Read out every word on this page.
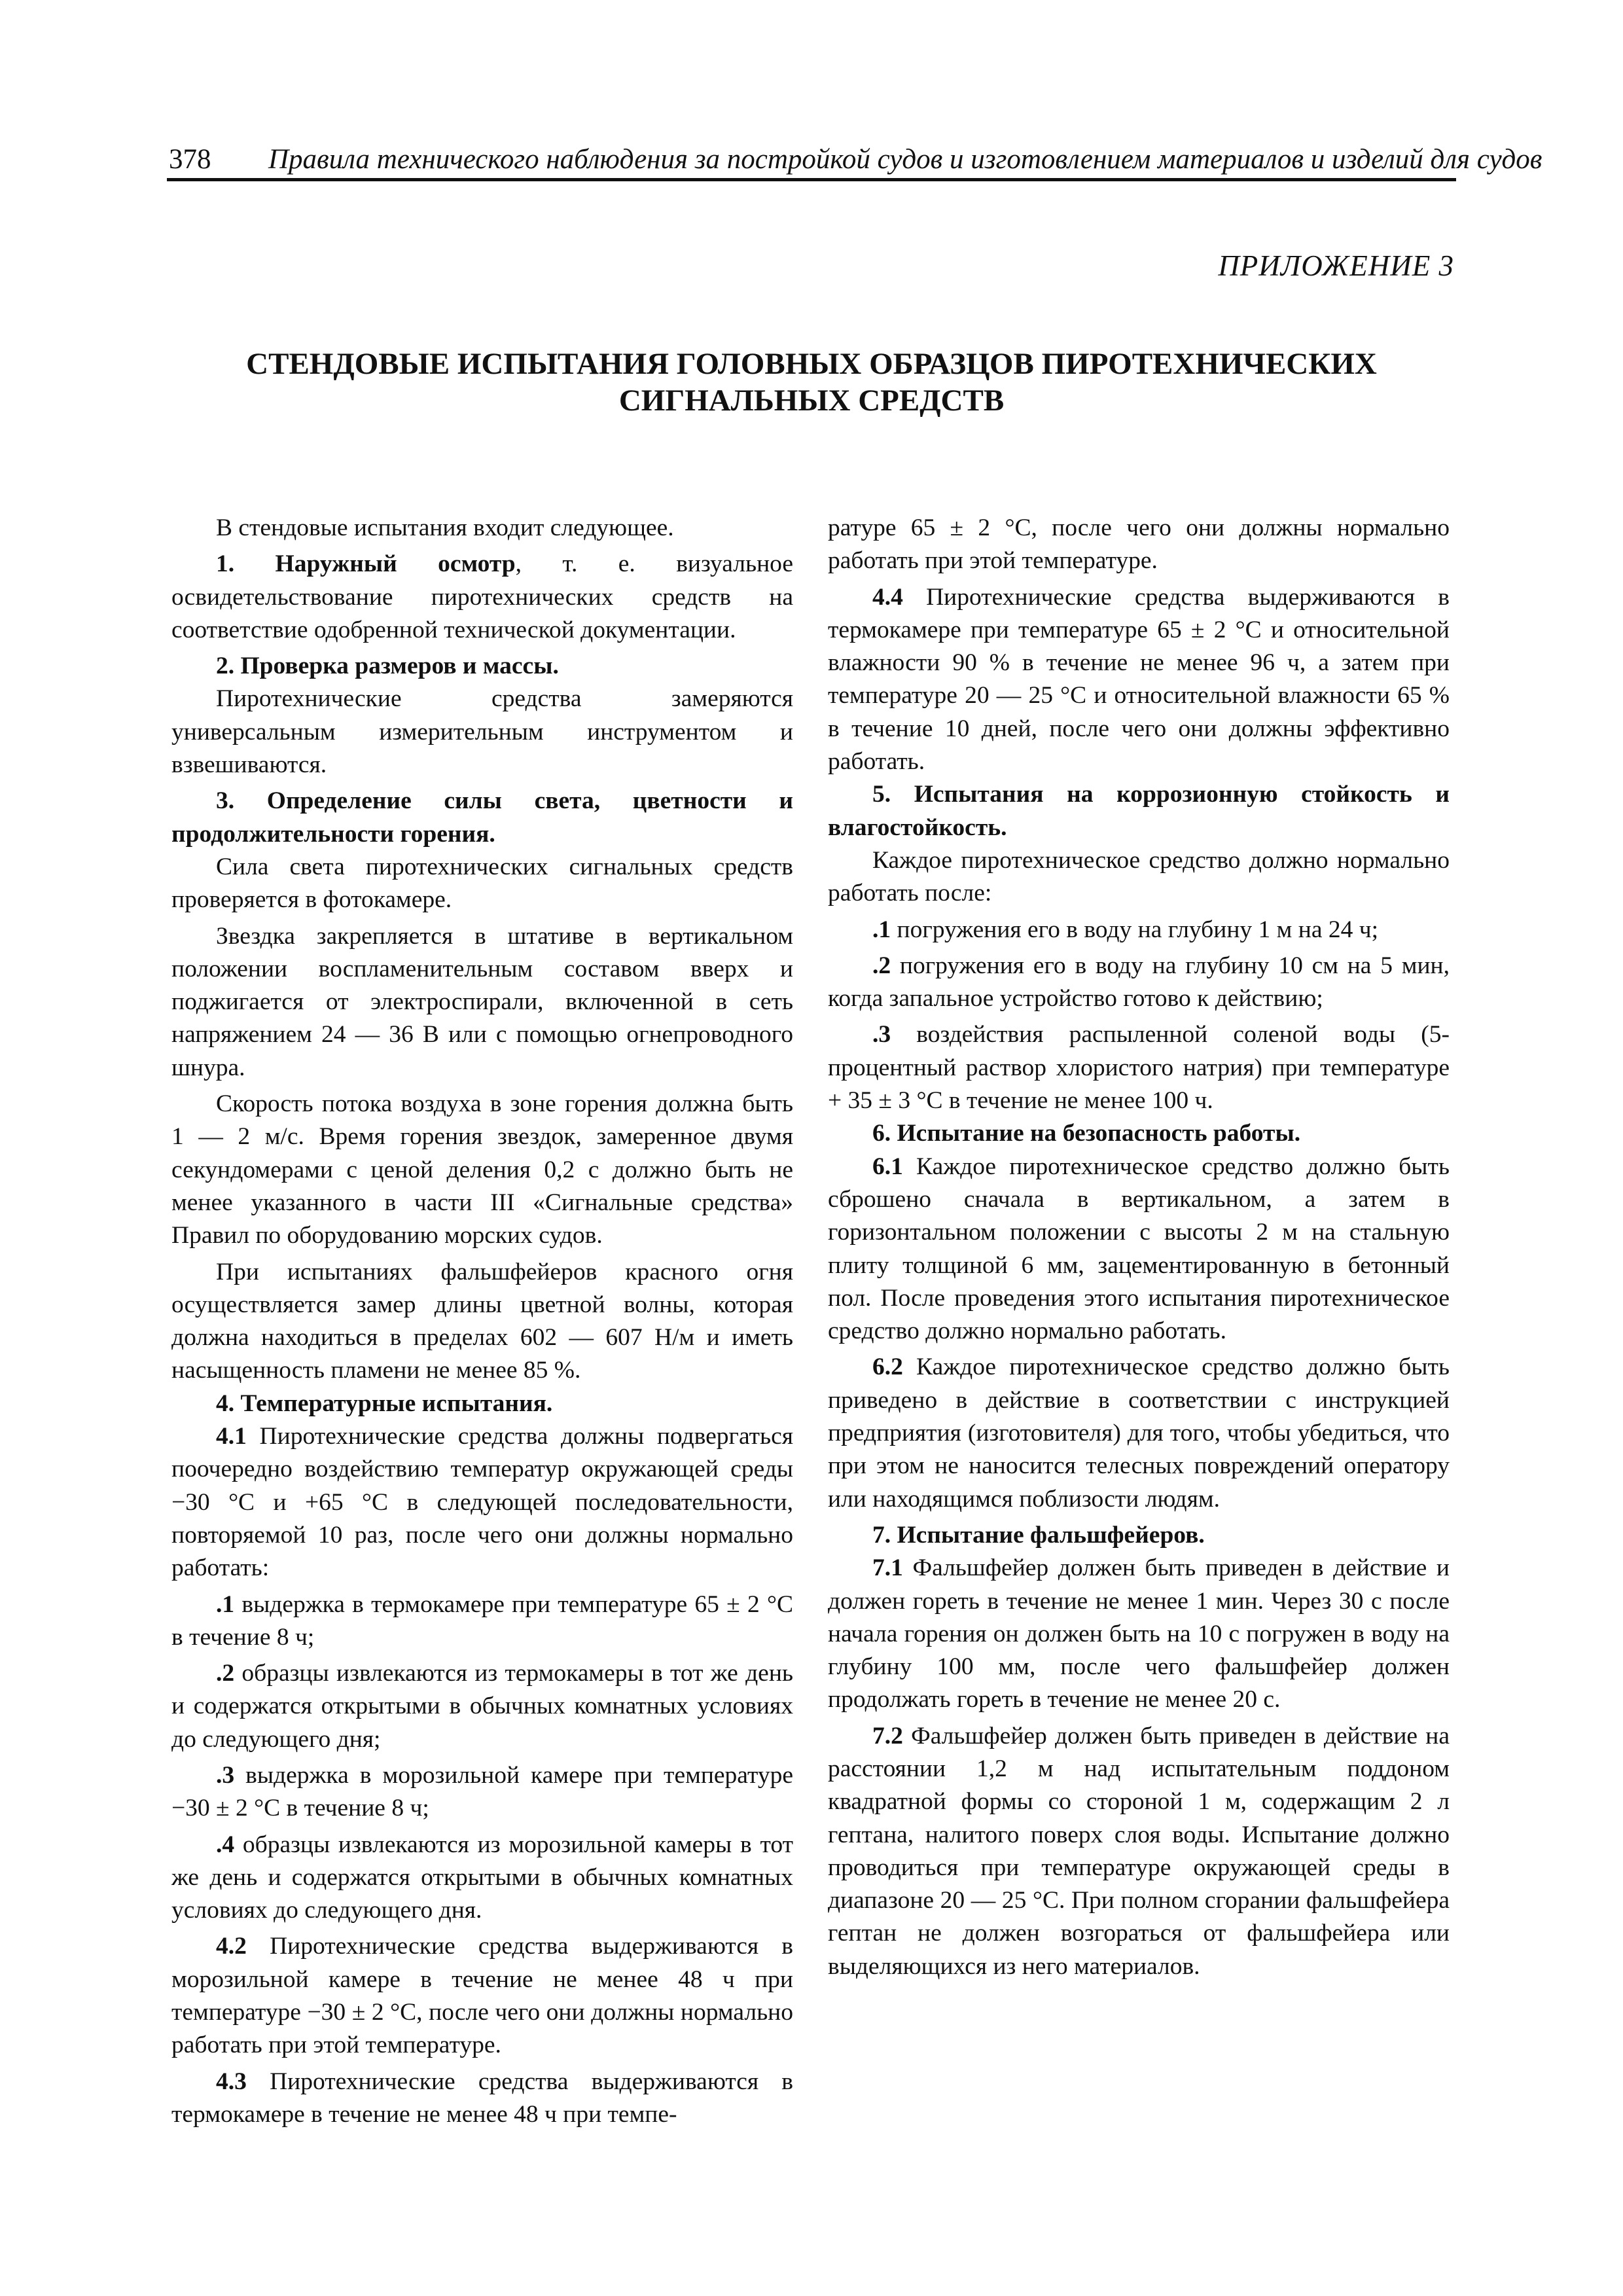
378 Правила технического наблюдения за постройкой судов и изготовлением материалов и изделий для судов
ПРИЛОЖЕНИЕ 3
СТЕНДОВЫЕ ИСПЫТАНИЯ ГОЛОВНЫХ ОБРАЗЦОВ ПИРОТЕХНИЧЕСКИХ
СИГНАЛЬНЫХ СРЕДСТВ

В стендовые испытания входит следующее.

1. Наружный осмотр, т. е. визуальное освидетельствование пиротехнических средств на соответствие одобренной технической документации.

2. Проверка размеров и массы.

Пиротехнические средства замеряются универсальным измерительным инструментом и взвешиваются.

3. Определение силы света, цветности и продолжительности горения.

Сила света пиротехнических сигнальных средств проверяется в фотокамере.

Звездка закрепляется в штативе в вертикальном положении воспламенительным составом вверх и поджигается от электроспирали, включенной в сеть напряжением 24 — 36 В или с помощью огнепроводного шнура.

Скорость потока воздуха в зоне горения должна быть 1 — 2 м/с. Время горения звездок, замеренное двумя секундомерами с ценой деления 0,2 с должно быть не менее указанного в части III «Сигнальные средства» Правил по оборудованию морских судов.

При испытаниях фальшфейеров красного огня осуществляется замер длины цветной волны, которая должна находиться в пределах 602 — 607 Н/м и иметь насыщенность пламени не менее 85 %.

4. Температурные испытания.

4.1 Пиротехнические средства должны подвергаться поочередно воздействию температур окружающей среды −30 °С и +65 °С в следующей последовательности, повторяемой 10 раз, после чего они должны нормально работать:

.1 выдержка в термокамере при температуре 65 ± 2 °С в течение 8 ч;

.2 образцы извлекаются из термокамеры в тот же день и содержатся открытыми в обычных комнатных условиях до следующего дня;

.3 выдержка в морозильной камере при температуре −30 ± 2 °С в течение 8 ч;

.4 образцы извлекаются из морозильной камеры в тот же день и содержатся открытыми в обычных комнатных условиях до следующего дня.

4.2 Пиротехнические средства выдерживаются в морозильной камере в течение не менее 48 ч при температуре −30 ± 2 °С, после чего они должны нормально работать при этой температуре.

4.3 Пиротехнические средства выдерживаются в термокамере в течение не менее 48 ч при темпе-

ратуре 65 ± 2 °С, после чего они должны нормально работать при этой температуре.

4.4 Пиротехнические средства выдерживаются в термокамере при температуре 65 ± 2 °С и относительной влажности 90 % в течение не менее 96 ч, а затем при температуре 20 — 25 °С и относительной влажности 65 % в течение 10 дней, после чего они должны эффективно работать.

5. Испытания на коррозионную стойкость и влагостойкость.

Каждое пиротехническое средство должно нормально работать после:

.1 погружения его в воду на глубину 1 м на 24 ч;

.2 погружения его в воду на глубину 10 см на 5 мин, когда запальное устройство готово к действию;

.3 воздействия распыленной соленой воды (5-процентный раствор хлористого натрия) при температуре + 35 ± 3 °С в течение не менее 100 ч.

6. Испытание на безопасность работы.

6.1 Каждое пиротехническое средство должно быть сброшено сначала в вертикальном, а затем в горизонтальном положении с высоты 2 м на стальную плиту толщиной 6 мм, зацементированную в бетонный пол. После проведения этого испытания пиротехническое средство должно нормально работать.

6.2 Каждое пиротехническое средство должно быть приведено в действие в соответствии с инструкцией предприятия (изготовителя) для того, чтобы убедиться, что при этом не наносится телесных повреждений оператору или находящимся поблизости людям.

7. Испытание фальшфейеров.

7.1 Фальшфейер должен быть приведен в действие и должен гореть в течение не менее 1 мин. Через 30 с после начала горения он должен быть на 10 с погружен в воду на глубину 100 мм, после чего фальшфейер должен продолжать гореть в течение не менее 20 с.

7.2 Фальшфейер должен быть приведен в действие на расстоянии 1,2 м над испытательным поддоном квадратной формы со стороной 1 м, содержащим 2 л гептана, налитого поверх слоя воды. Испытание должно проводиться при температуре окружающей среды в диапазоне 20 — 25 °С. При полном сгорании фальшфейера гептан не должен возгораться от фальшфейера или выделяющихся из него материалов.
